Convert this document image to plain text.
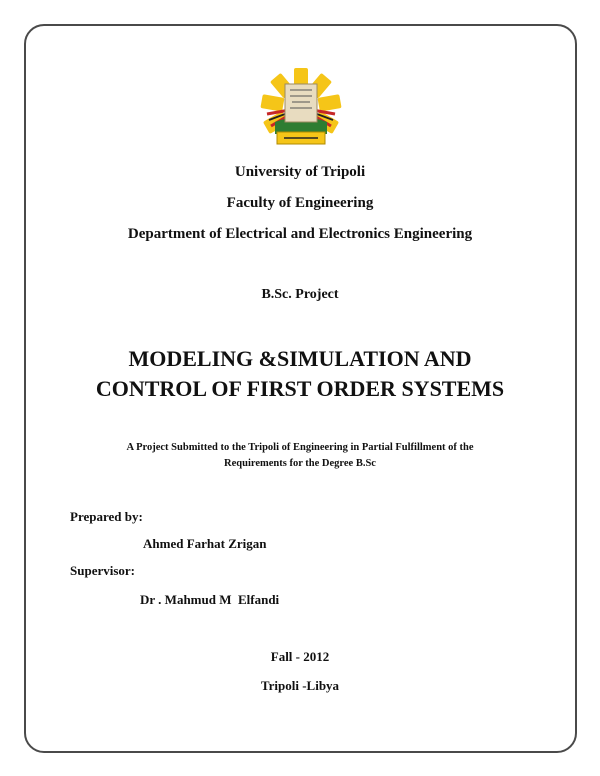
University of Tripoli
Faculty of Engineering
Department of Electrical and Electronics Engineering
B.Sc. Project
MODELING &SIMULATION AND
CONTROL OF FIRST ORDER SYSTEMS
A Project Submitted to the Tripoli of Engineering in Partial Fulfillment of the
Requirements for the Degree B.Sc
Prepared by:
Ahmed Farhat Zrigan
Supervisor:
Dr . Mahmud M  Elfandi
Fall - 2012
Tripoli -Libya
